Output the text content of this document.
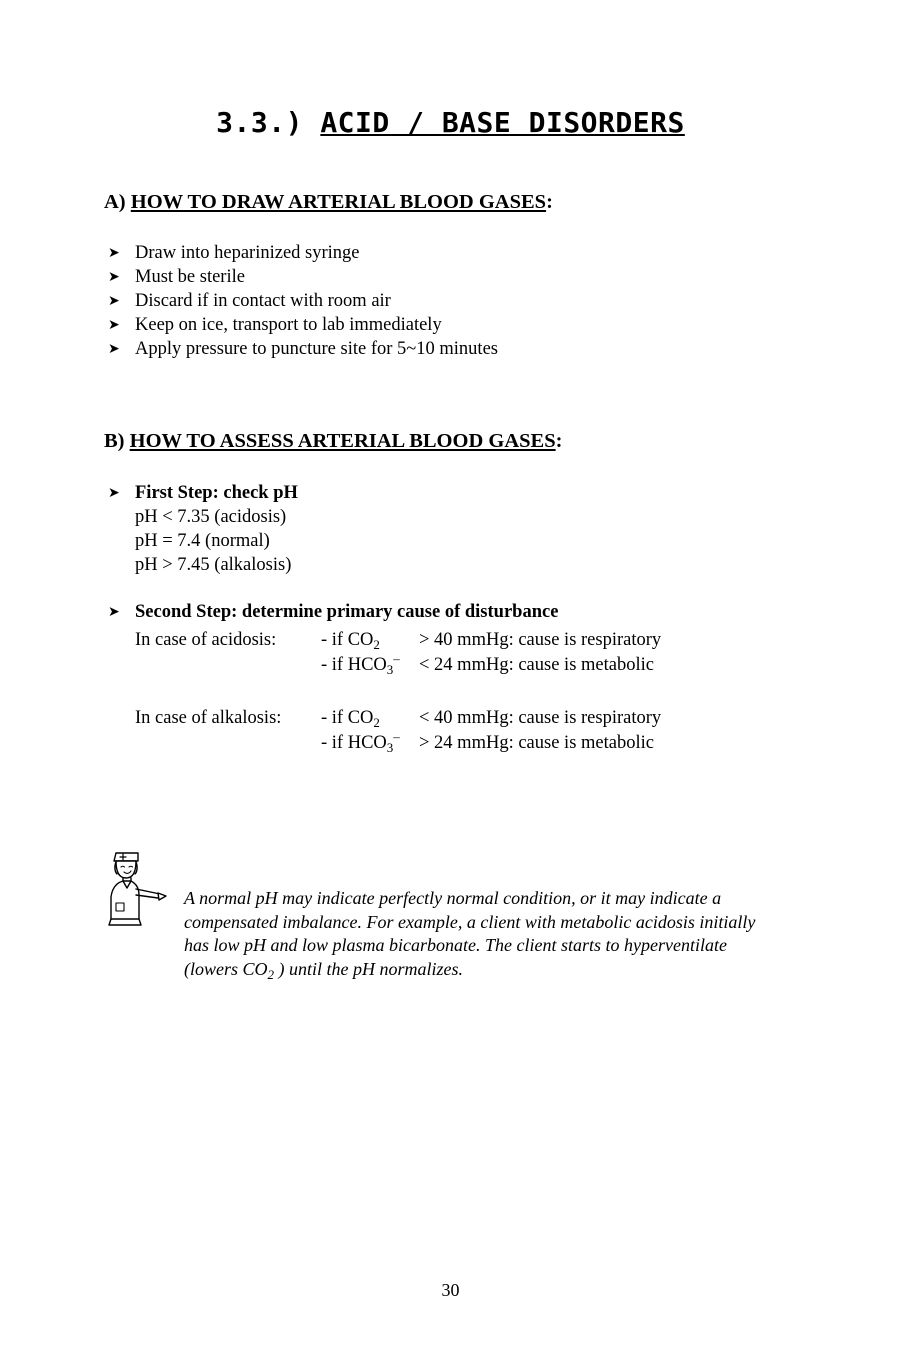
3.3.) ACID / BASE DISORDERS
A) HOW TO DRAW ARTERIAL BLOOD GASES:
➤ Draw into heparinized syringe
➤ Must be sterile
➤ Discard if in contact with room air
➤ Keep on ice, transport to lab immediately
➤ Apply pressure to puncture site for 5~10 minutes
B) HOW TO ASSESS ARTERIAL BLOOD GASES:
➤ First Step: check pH
pH < 7.35 (acidosis)
pH = 7.4 (normal)
pH > 7.45 (alkalosis)
➤ Second Step: determine primary cause of disturbance
In case of acidosis:	- if $CO_2$	> 40 mmHg: cause is respiratory
- if $HCO_3^-$	< 24 mmHg: cause is metabolic
In case of alkalosis:	- if $CO_2$	< 40 mmHg: cause is respiratory
- if $HCO_3^-$	> 24 mmHg: cause is metabolic
A normal pH may indicate perfectly normal condition, or it may indicate a compensated imbalance. For example, a client with metabolic acidosis initially has low pH and low plasma bicarbonate. The client starts to hyperventilate (lowers $CO_2$ ) until the pH normalizes.
30
